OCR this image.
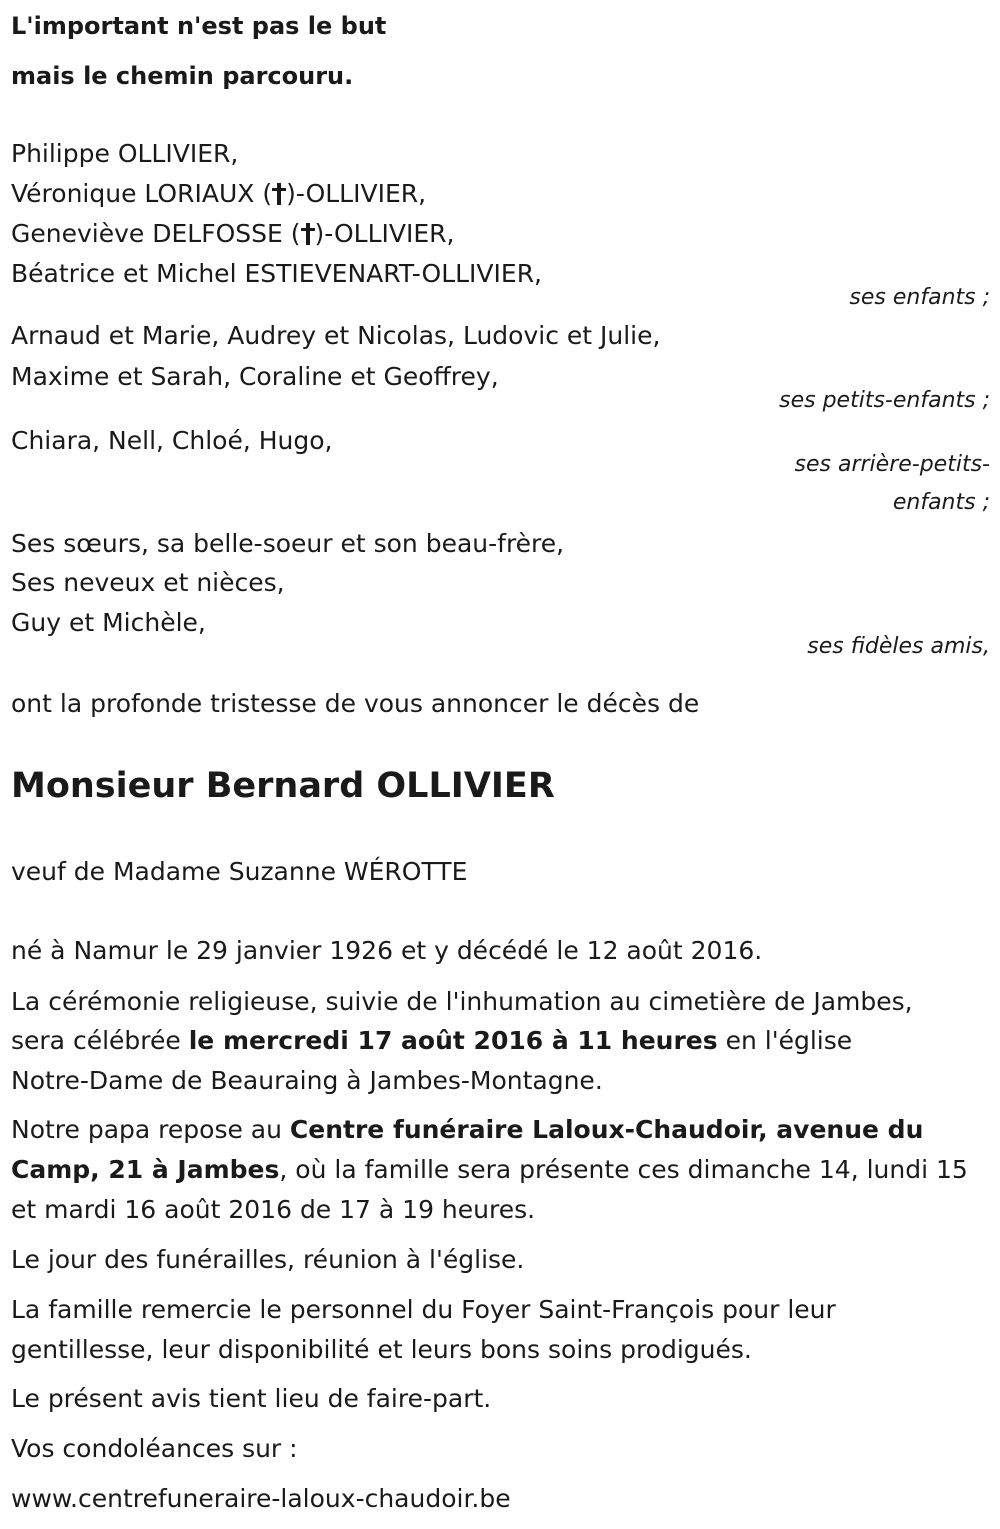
L'important n'est pas le but
mais le chemin parcouru.
Philippe OLLIVIER,
Véronique LORIAUX ( )-OLLIVIER,
Geneviève DELFOSSE ( )-OLLIVIER,
Béatrice et Michel ESTIEVENART-OLLIVIER,
ses enfants ;
Arnaud et Marie, Audrey et Nicolas, Ludovic et Julie,
Maxime et Sarah, Coraline et Geoffrey,
ses petits-enfants ;
Chiara, Nell, Chloé, Hugo,
ses arrière-petits-
enfants ;
Ses sœurs, sa belle-soeur et son beau-frère,
Ses neveux et nièces,
Guy et Michèle,
ses fidèles amis,
ont la profonde tristesse de vous annoncer le décès de
Monsieur Bernard OLLIVIER
veuf de Madame Suzanne WÉROTTE
né à Namur le 29 janvier 1926 et y décédé le 12 août 2016.
La cérémonie religieuse, suivie de l'inhumation au cimetière de Jambes,
sera célébrée le mercredi 17 août 2016 à 11 heures en l'église
Notre-Dame de Beauraing à Jambes-Montagne.
Notre papa repose au Centre funéraire Laloux-Chaudoir, avenue du
Camp, 21 à Jambes, où la famille sera présente ces dimanche 14, lundi 15
et mardi 16 août 2016 de 17 à 19 heures.
Le jour des funérailles, réunion à l'église.
La famille remercie le personnel du Foyer Saint-François pour leur
gentillesse, leur disponibilité et leurs bons soins prodigués.
Le présent avis tient lieu de faire-part.
Vos condoléances sur :
www.centrefuneraire-laloux-chaudoir.be
